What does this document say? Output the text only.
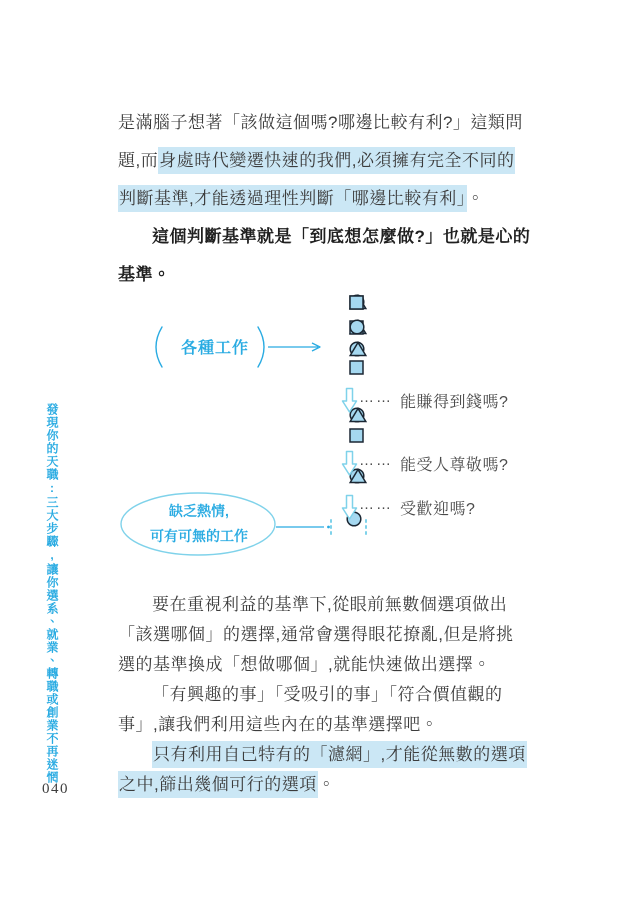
發現你的天職:三大步驟,讓你選系、就業、轉職或創業不再迷惘
040
是滿腦子想著「該做這個嗎?哪邊比較有利?」這類問
題,而身處時代變遷快速的我們,必須擁有完全不同的
判斷基準,才能透過理性判斷「哪邊比較有利」。
這個判斷基準就是「到底想怎麼做?」也就是心的
基準。
各種工作
…… 能賺得到錢嗎?
…… 能受人尊敬嗎?
…… 受歡迎嗎?
缺乏熱情,
可有可無的工作
要在重視利益的基準下,從眼前無數個選項做出
「該選哪個」的選擇,通常會選得眼花撩亂,但是將挑
選的基準換成「想做哪個」,就能快速做出選擇。
「有興趣的事」「受吸引的事」「符合價值觀的
事」,讓我們利用這些內在的基準選擇吧。
只有利用自己特有的「濾網」,才能從無數的選項
之中,篩出幾個可行的選項。
